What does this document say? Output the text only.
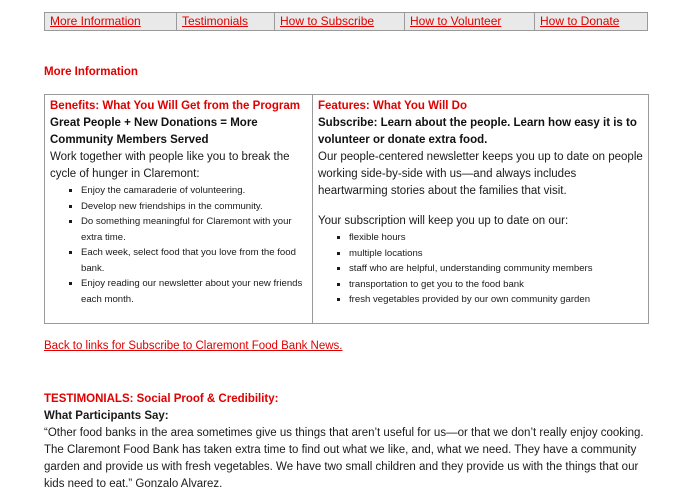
More Information	Testimonials	How to Subscribe	How to Volunteer	How to Donate
More Information
Benefits: What You Will Get from the Program
Great People + New Donations = More Community Members Served

Work together with people like you to break the cycle of hunger in Claremont:

▪ Enjoy the camaraderie of volunteering.
▪ Develop new friendships in the community.
▪ Do something meaningful for Claremont with your extra time.
▪ Each week, select food that you love from the food bank.
▪ Enjoy reading our newsletter about your new friends each month.
Features: What You Will Do
Subscribe: Learn about the people. Learn how easy it is to volunteer or donate extra food.

Our people-centered newsletter keeps you up to date on people working side-by-side with us—and always includes heartwarming stories about the families that visit.

Your subscription will keep you up to date on our:

▪ flexible hours
▪ multiple locations
▪ staff who are helpful, understanding community members
▪ transportation to get you to the food bank
▪ fresh vegetables provided by our own community garden
Back to links for Subscribe to Claremont Food Bank News.
TESTIMONIALS: Social Proof & Credibility:
What Participants Say:

“Other food banks in the area sometimes give us things that aren’t useful for us—or that we don’t really enjoy cooking. The Claremont Food Bank has taken extra time to find out what we like, and, what we need. They have a community garden and provide us with fresh vegetables. We have two small children and they provide us with the things that our kids need to eat.” Gonzalo Alvarez.
